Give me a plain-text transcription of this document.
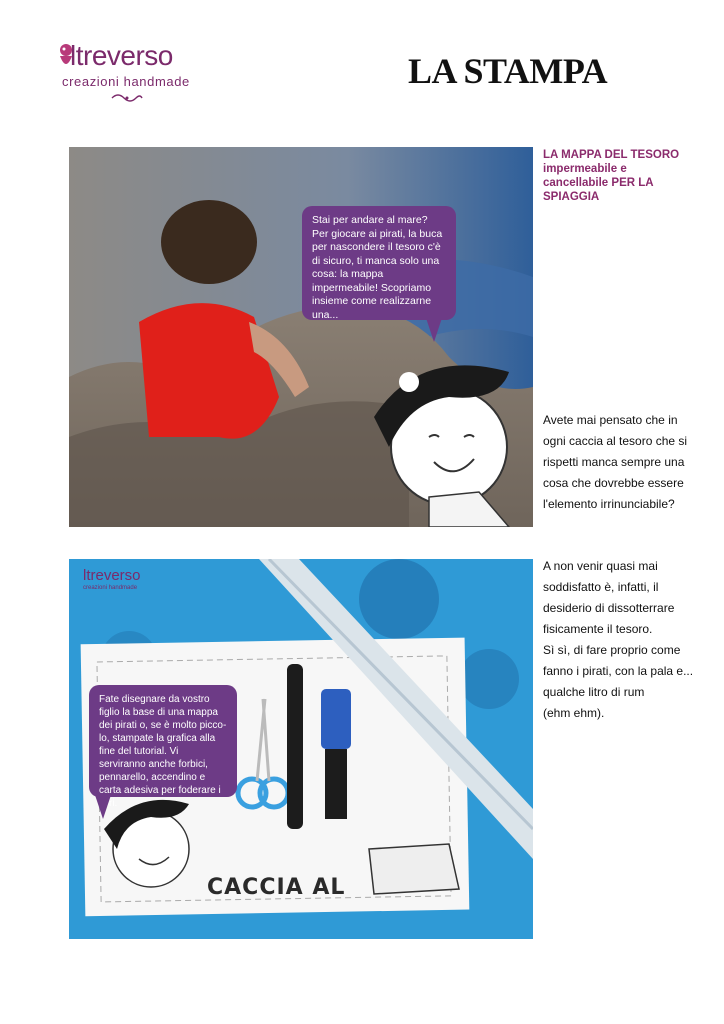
ltreverso
creazioni handmade	LA STAMPA
Stai per andare al mare? Per giocare ai pirati, la buca per nascondere il tesoro c'è di sicuro, ti manca solo una cosa: la mappa impermeabile! Scopriamo insieme come realizzarne una...
ltreverso
creazioni handmade
Fate disegnare da vostro figlio la base di una mappa dei pirati o, se è molto picco-lo, stampate la grafica alla fine del tutorial. Vi serviranno anche forbici, pennarello, accendino e carta adesiva per foderare i libri.
CACCIA AL
LA MAPPA DEL TESORO impermeabile e cancellabile PER LA SPIAGGIA

Avete mai pensato che in ogni caccia al tesoro che si rispetti manca sempre una cosa che dovrebbe essere l'elemento irrinunciabile?

A non venir quasi mai soddisfatto è, infatti, il desiderio di dissotterrare fisicamente il tesoro.

Sì sì, di fare proprio come fanno i pirati, con la pala e... qualche litro di rum

(ehm ehm).
